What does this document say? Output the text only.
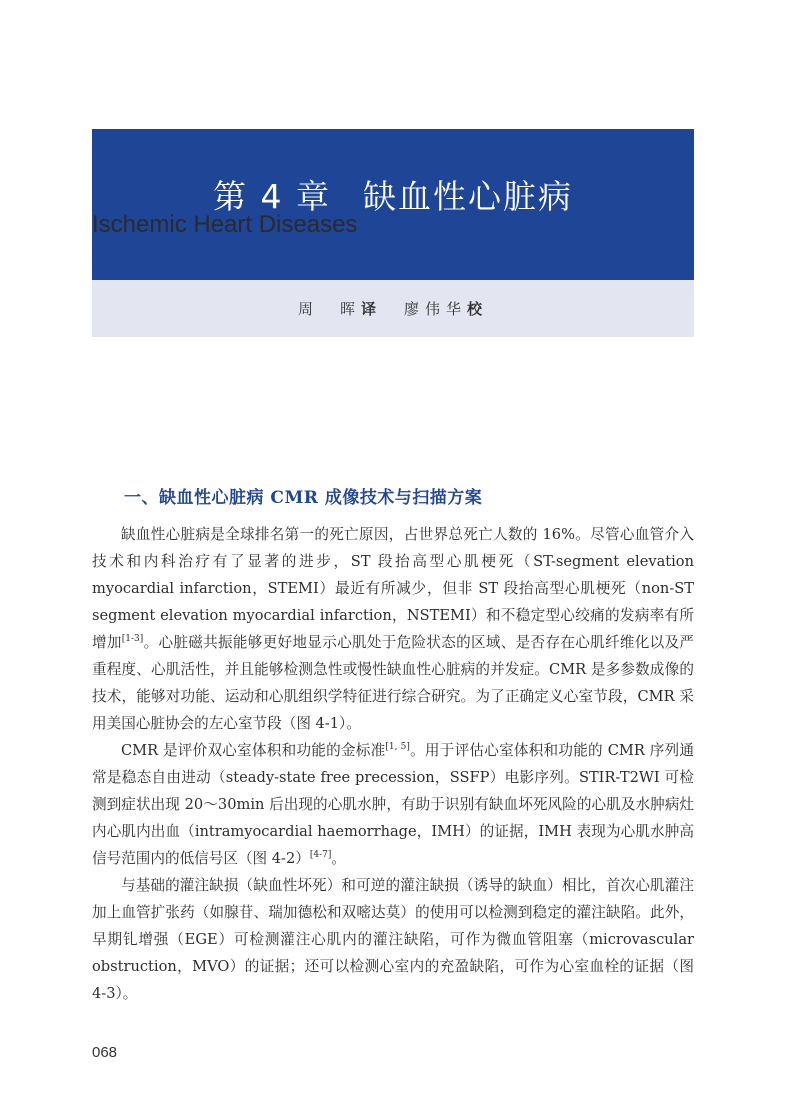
第 4 章 缺血性心脏病
Ischemic Heart Diseases
周　晖 译 廖伟华 校
一、缺血性心脏病 CMR 成像技术与扫描方案

缺血性心脏病是全球排名第一的死亡原因，占世界总死亡人数的 16%。尽管心血管介入技术和内科治疗有了显著的进步，ST 段抬高型心肌梗死（ST-segment elevation myocardial infarction，STEMI）最近有所减少，但非 ST 段抬高型心肌梗死（non-ST segment elevation myocardial infarction，NSTEMI）和不稳定型心绞痛的发病率有所增加[1-3]。心脏磁共振能够更好地显示心肌处于危险状态的区域、是否存在心肌纤维化以及严重程度、心肌活性，并且能够检测急性或慢性缺血性心脏病的并发症。CMR 是多参数成像的技术，能够对功能、运动和心肌组织学特征进行综合研究。为了正确定义心室节段，CMR 采用美国心脏协会的左心室节段（图 4-1）。

CMR 是评价双心室体积和功能的金标准[1, 5]。用于评估心室体积和功能的 CMR 序列通常是稳态自由进动（steady-state free precession，SSFP）电影序列。STIR-T2WI 可检测到症状出现 20～30min 后出现的心肌水肿，有助于识别有缺血坏死风险的心肌及水肿病灶内心肌内出血（intramyocardial haemorrhage，IMH）的证据，IMH 表现为心肌水肿高信号范围内的低信号区（图 4-2）[4-7]。

与基础的灌注缺损（缺血性坏死）和可逆的灌注缺损（诱导的缺血）相比，首次心肌灌注加上血管扩张药（如腺苷、瑞加德松和双嘧达莫）的使用可以检测到稳定的灌注缺陷。此外，早期钆增强（EGE）可检测灌注心肌内的灌注缺陷，可作为微血管阻塞（microvascular obstruction，MVO）的证据；还可以检测心室内的充盈缺陷，可作为心室血栓的证据（图 4-3）。

068
